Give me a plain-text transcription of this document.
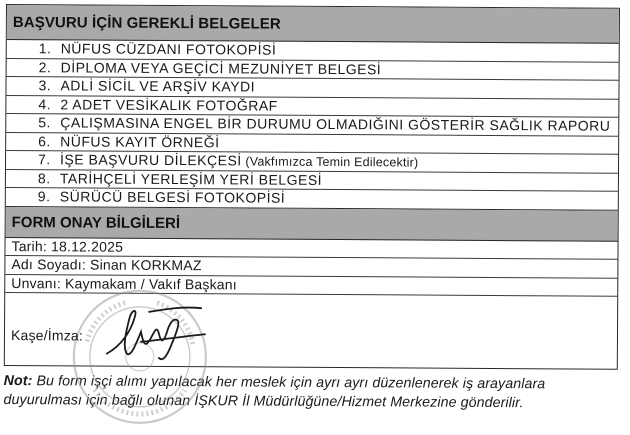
BAŞVURU İÇİN GEREKLİ BELGELER
1. NÜFUS CÜZDANI FOTOKOPİSİ
2. DİPLOMA VEYA GEÇİCİ MEZUNİYET BELGESİ
3. ADLİ SİCİL VE ARŞİV KAYDI
4. 2 ADET VESİKALIK FOTOĞRAF
5. ÇALIŞMASINA ENGEL BİR DURUMU OLMADIĞINI GÖSTERİR SAĞLIK RAPORU
6. NÜFUS KAYIT ÖRNEĞİ
7. İŞE BAŞVURU DİLEKÇESİ (Vakfımızca Temin Edilecektir)
8. TARİHÇELİ YERLEŞİM YERİ BELGESİ
9. SÜRÜCÜ BELGESİ FOTOKOPİSİ
FORM ONAY BİLGİLERİ
Tarih: 18.12.2025
Adı Soyadı: Sinan KORKMAZ
Unvanı: Kaymakam / Vakıf Başkanı
Kaşe/İmza:
Not: Bu form işçi alımı yapılacak her meslek için ayrı ayrı düzenlenerek iş arayanlara duyurulması için bağlı olunan İŞKUR İl Müdürlüğüne/Hizmet Merkezine gönderilir.
